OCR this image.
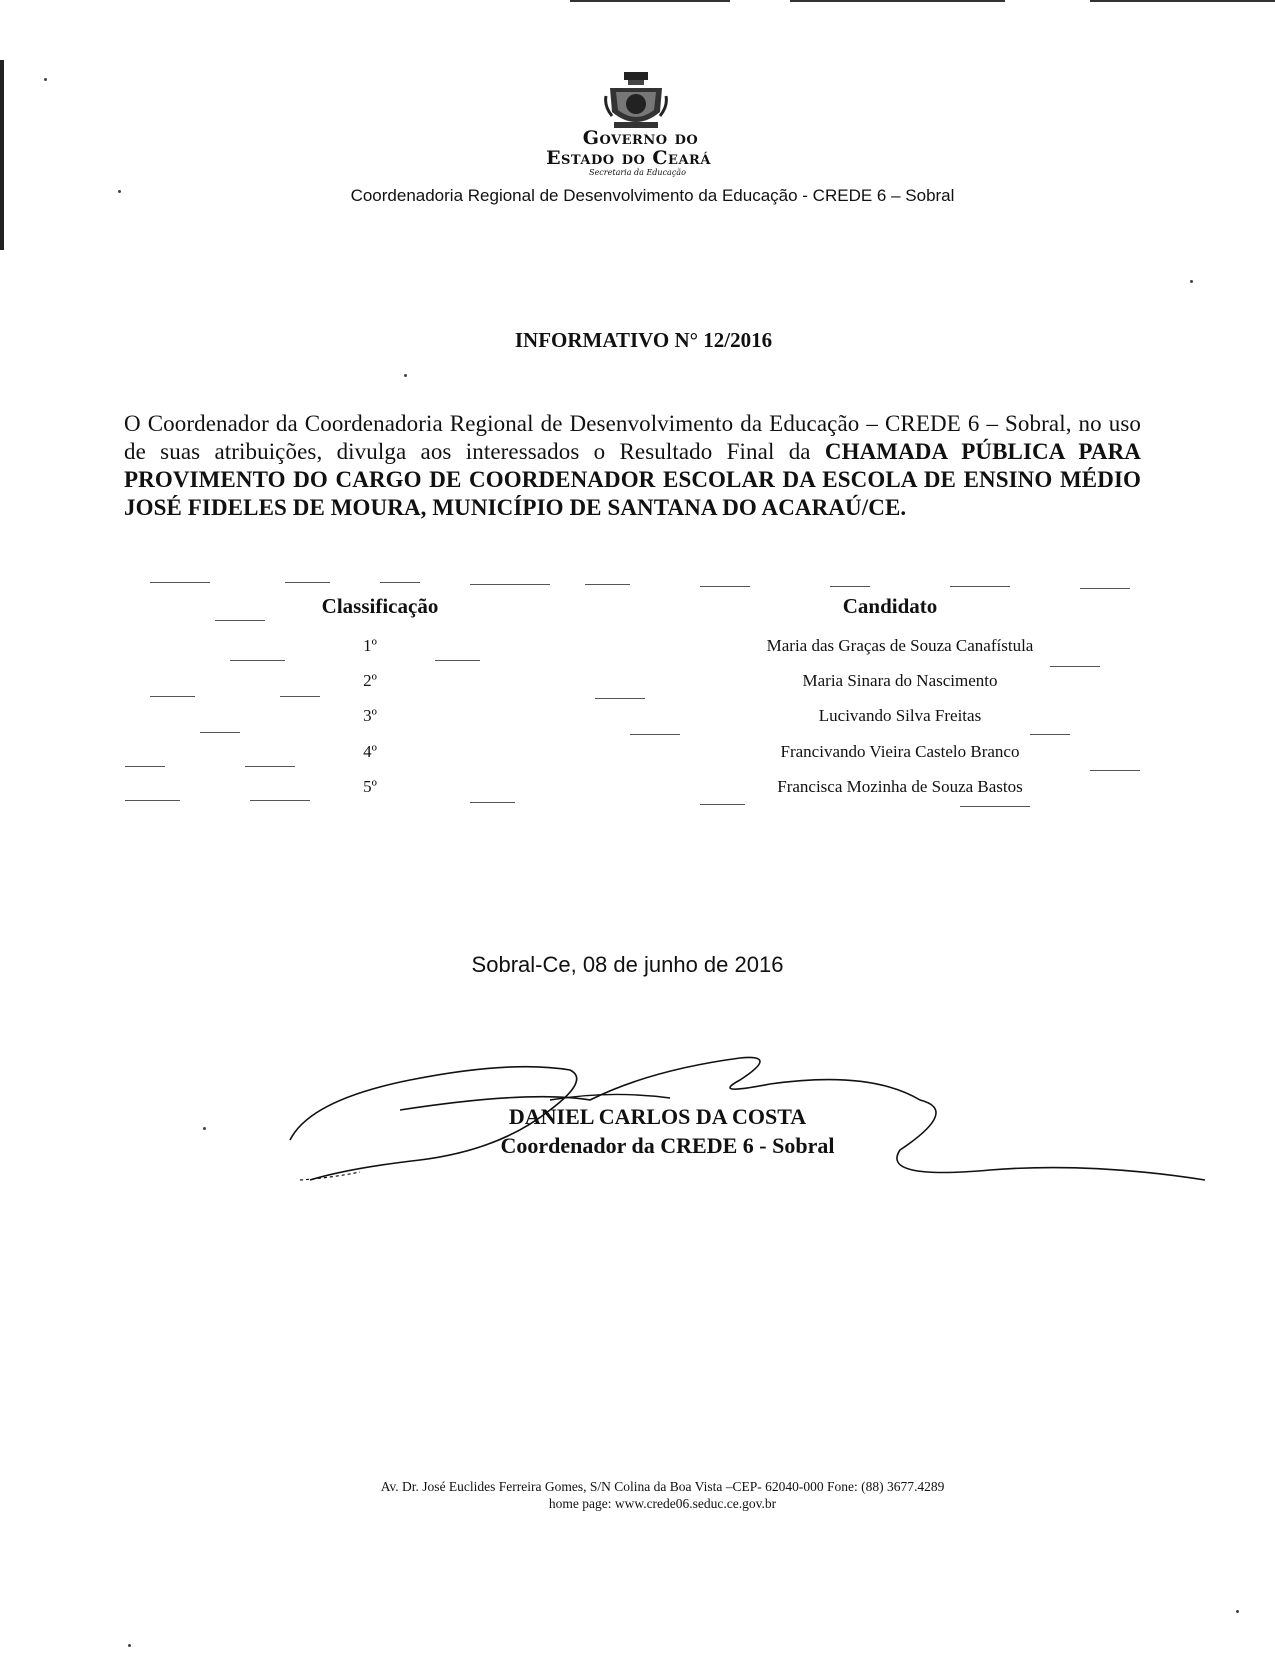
Governo do
Estado do Ceará
Secretaria da Educação
Coordenadoria Regional de Desenvolvimento da Educação - CREDE 6 – Sobral
INFORMATIVO N° 12/2016
O Coordenador da Coordenadoria Regional de Desenvolvimento da Educação – CREDE 6 – Sobral, no uso de suas atribuições, divulga aos interessados o Resultado Final da CHAMADA PÚBLICA PARA PROVIMENTO DO CARGO DE COORDENADOR ESCOLAR DA ESCOLA DE ENSINO MÉDIO JOSÉ FIDELES DE MOURA, MUNICÍPIO DE SANTANA DO ACARAÚ/CE.
Classificação	Candidato
1º	Maria das Graças de Souza Canafístula
2º	Maria Sinara do Nascimento
3º	Lucivando Silva Freitas
4º	Francivando Vieira Castelo Branco
5º	Francisca Mozinha de Souza Bastos
Sobral-Ce, 08 de junho de 2016
DANIEL CARLOS DA COSTA
Coordenador da CREDE 6 - Sobral
Av. Dr. José Euclides Ferreira Gomes, S/N Colina da Boa Vista –CEP- 62040-000 Fone: (88) 3677.4289
home page: www.crede06.seduc.ce.gov.br
